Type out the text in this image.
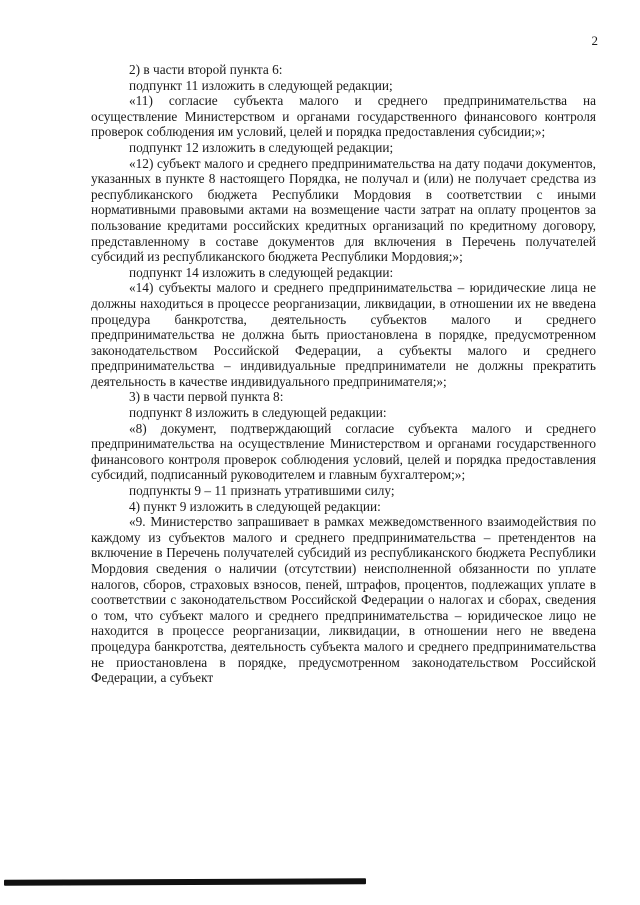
2

2) в части второй пункта 6:

подпункт 11 изложить в следующей редакции;

«11) согласие субъекта малого и среднего предпринимательства на осуществление Министерством и органами государственного финансового контроля проверок соблюдения им условий, целей и порядка предоставления субсидии;»;

подпункт 12 изложить в следующей редакции;

«12) субъект малого и среднего предпринимательства на дату подачи документов, указанных в пункте 8 настоящего Порядка, не получал и (или) не получает средства из республиканского бюджета Республики Мордовия в соответствии с иными нормативными правовыми актами на возмещение части затрат на оплату процентов за пользование кредитами российских кредитных организаций по кредитному договору, представленному в составе документов для включения в Перечень получателей субсидий из республиканского бюджета Республики Мордовия;»;

подпункт 14 изложить в следующей редакции:

«14) субъекты малого и среднего предпринимательства – юридические лица не должны находиться в процессе реорганизации, ликвидации, в отношении их не введена процедура банкротства, деятельность субъектов малого и среднего предпринимательства не должна быть приостановлена в порядке, предусмотренном законодательством Российской Федерации, а субъекты малого и среднего предпринимательства – индивидуальные предприниматели не должны прекратить деятельность в качестве индивидуального предпринимателя;»;

3) в части первой пункта 8:

подпункт 8 изложить в следующей редакции:

«8) документ, подтверждающий согласие субъекта малого и среднего предпринимательства на осуществление Министерством и органами государственного финансового контроля проверок соблюдения условий, целей и порядка предоставления субсидий, подписанный руководителем и главным бухгалтером;»;

подпункты 9 – 11 признать утратившими силу;

4) пункт 9 изложить в следующей редакции:

«9. Министерство запрашивает в рамках межведомственного взаимодействия по каждому из субъектов малого и среднего предпринимательства – претендентов на включение в Перечень получателей субсидий из республиканского бюджета Республики Мордовия сведения о наличии (отсутствии) неисполненной обязанности по уплате налогов, сборов, страховых взносов, пеней, штрафов, процентов, подлежащих уплате в соответствии с законодательством Российской Федерации о налогах и сборах, сведения о том, что субъект малого и среднего предпринимательства – юридическое лицо не находится в процессе реорганизации, ликвидации, в отношении него не введена процедура банкротства, деятельность субъекта малого и среднего предпринимательства не приостановлена в порядке, предусмотренном законодательством Российской Федерации, а субъект
